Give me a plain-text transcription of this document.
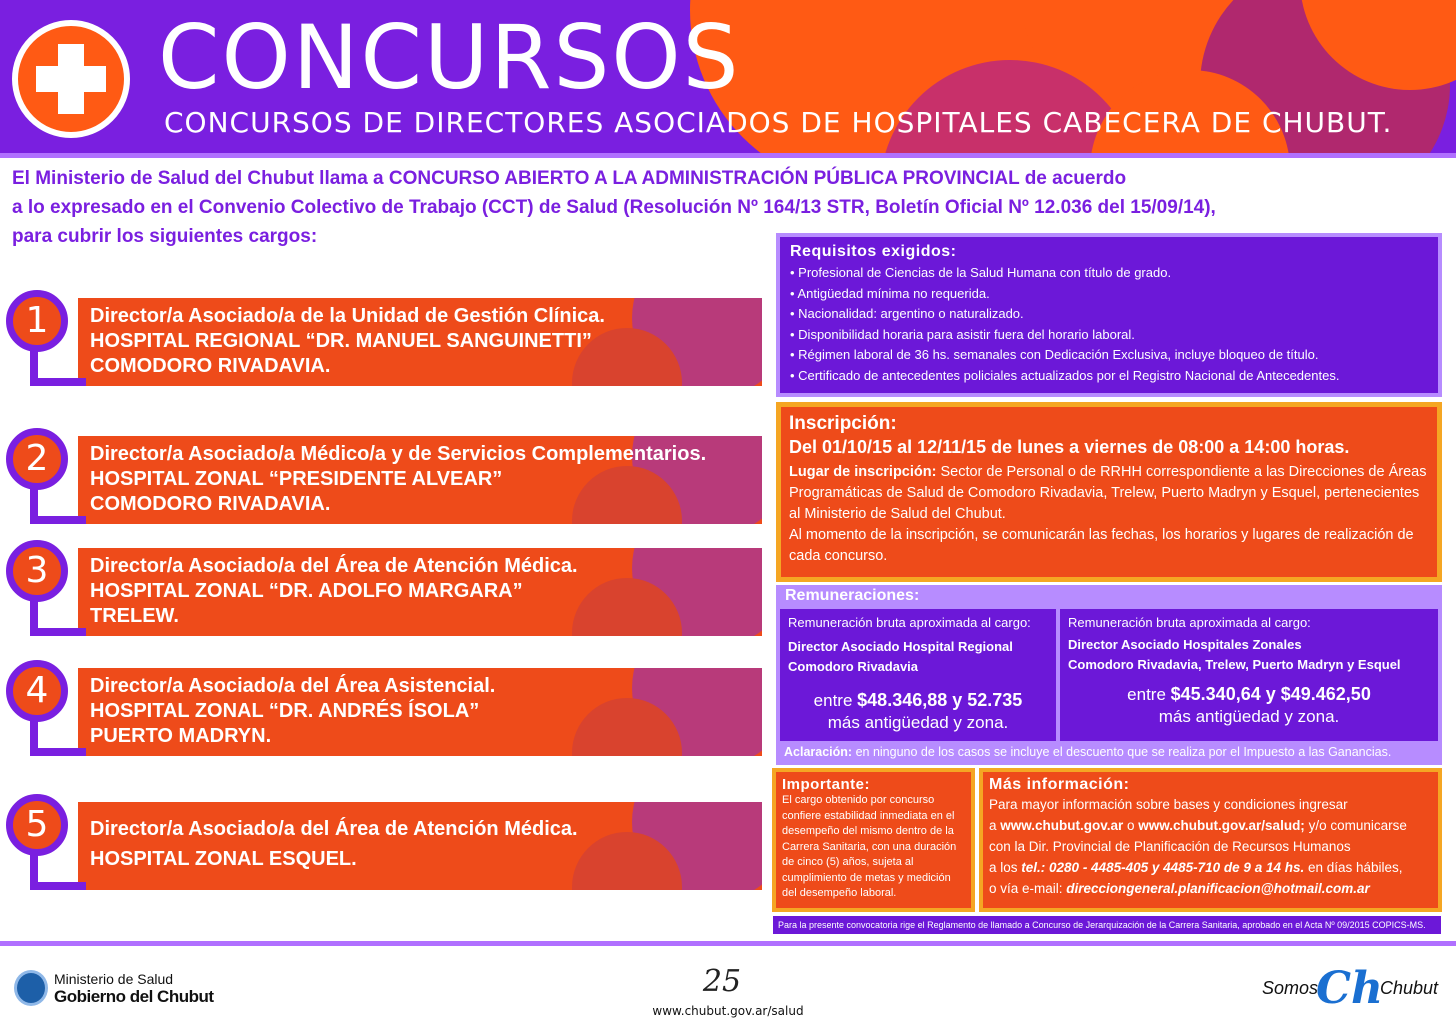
CONCURSOS
CONCURSOS DE DIRECTORES ASOCIADOS DE HOSPITALES CABECERA DE CHUBUT.
El Ministerio de Salud del Chubut llama a CONCURSO ABIERTO A LA ADMINISTRACIÓN PÚBLICA PROVINCIAL de acuerdo
a lo expresado en el Convenio Colectivo de Trabajo (CCT) de Salud (Resolución Nº 164/13 STR, Boletín Oficial Nº 12.036 del 15/09/14),
para cubrir los siguientes cargos:
1	Director/a Asociado/a de la Unidad de Gestión Clínica.
HOSPITAL REGIONAL “DR. MANUEL SANGUINETTI”
COMODORO RIVADAVIA.
2	Director/a Asociado/a Médico/a y de Servicios Complementarios.
HOSPITAL ZONAL “PRESIDENTE ALVEAR”
COMODORO RIVADAVIA.
3	Director/a Asociado/a del Área de Atención Médica.
HOSPITAL ZONAL “DR. ADOLFO MARGARA”
TRELEW.
4	Director/a Asociado/a del Área Asistencial.
HOSPITAL ZONAL “DR. ANDRÉS ÍSOLA”
PUERTO MADRYN.
5	Director/a Asociado/a del Área de Atención Médica.
HOSPITAL ZONAL ESQUEL.
Requisitos exigidos:
• Profesional de Ciencias de la Salud Humana con título de grado.
• Antigüedad mínima no requerida.
• Nacionalidad: argentino o naturalizado.
• Disponibilidad horaria para asistir fuera del horario laboral.
• Régimen laboral de 36 hs. semanales con Dedicación Exclusiva, incluye bloqueo de título.
• Certificado de antecedentes policiales actualizados por el Registro Nacional de Antecedentes.
Inscripción:
Del 01/10/15 al 12/11/15 de lunes a viernes de 08:00 a 14:00 horas.

Lugar de inscripción: Sector de Personal o de RRHH correspondiente a las Direcciones de Áreas Programáticas de Salud de Comodoro Rivadavia, Trelew, Puerto Madryn y Esquel, pertenecientes al Ministerio de Salud del Chubut.

Al momento de la inscripción, se comunicarán las fechas, los horarios y lugares de realización de cada concurso.

Remuneraciones:
Remuneración bruta aproximada al cargo:
Director Asociado Hospital Regional
Comodoro Rivadavia
entre $48.346,88 y 52.735
más antigüedad y zona.
Remuneración bruta aproximada al cargo:
Director Asociado Hospitales Zonales
Comodoro Rivadavia, Trelew, Puerto Madryn y Esquel
entre $45.340,64 y $49.462,50
más antigüedad y zona.
Aclaración: en ninguno de los casos se incluye el descuento que se realiza por el Impuesto a las Ganancias.
Importante:

El cargo obtenido por concurso confiere estabilidad inmediata en el desempeño del mismo dentro de la Carrera Sanitaria, con una duración de cinco (5) años, sujeta al cumplimiento de metas y medición del desempeño laboral.

Más información:

Para mayor información sobre bases y condiciones ingresar

a www.chubut.gov.ar o www.chubut.gov.ar/salud; y/o comunicarse

con la Dir. Provincial de Planificación de Recursos Humanos

a los tel.: 0280 - 4485-405 y 4485-710 de 9 a 14 hs. en días hábiles,

o vía e-mail: direcciongeneral.planificacion@hotmail.com.ar

Para la presente convocatoria rige el Reglamento de llamado a Concurso de Jerarquización de la Carrera Sanitaria, aprobado en el Acta Nº 09/2015 COPICS-MS.
Ministerio de Salud
Gobierno del Chubut	25
www.chubut.gov.ar/salud
Somos
Ch
Chubut
